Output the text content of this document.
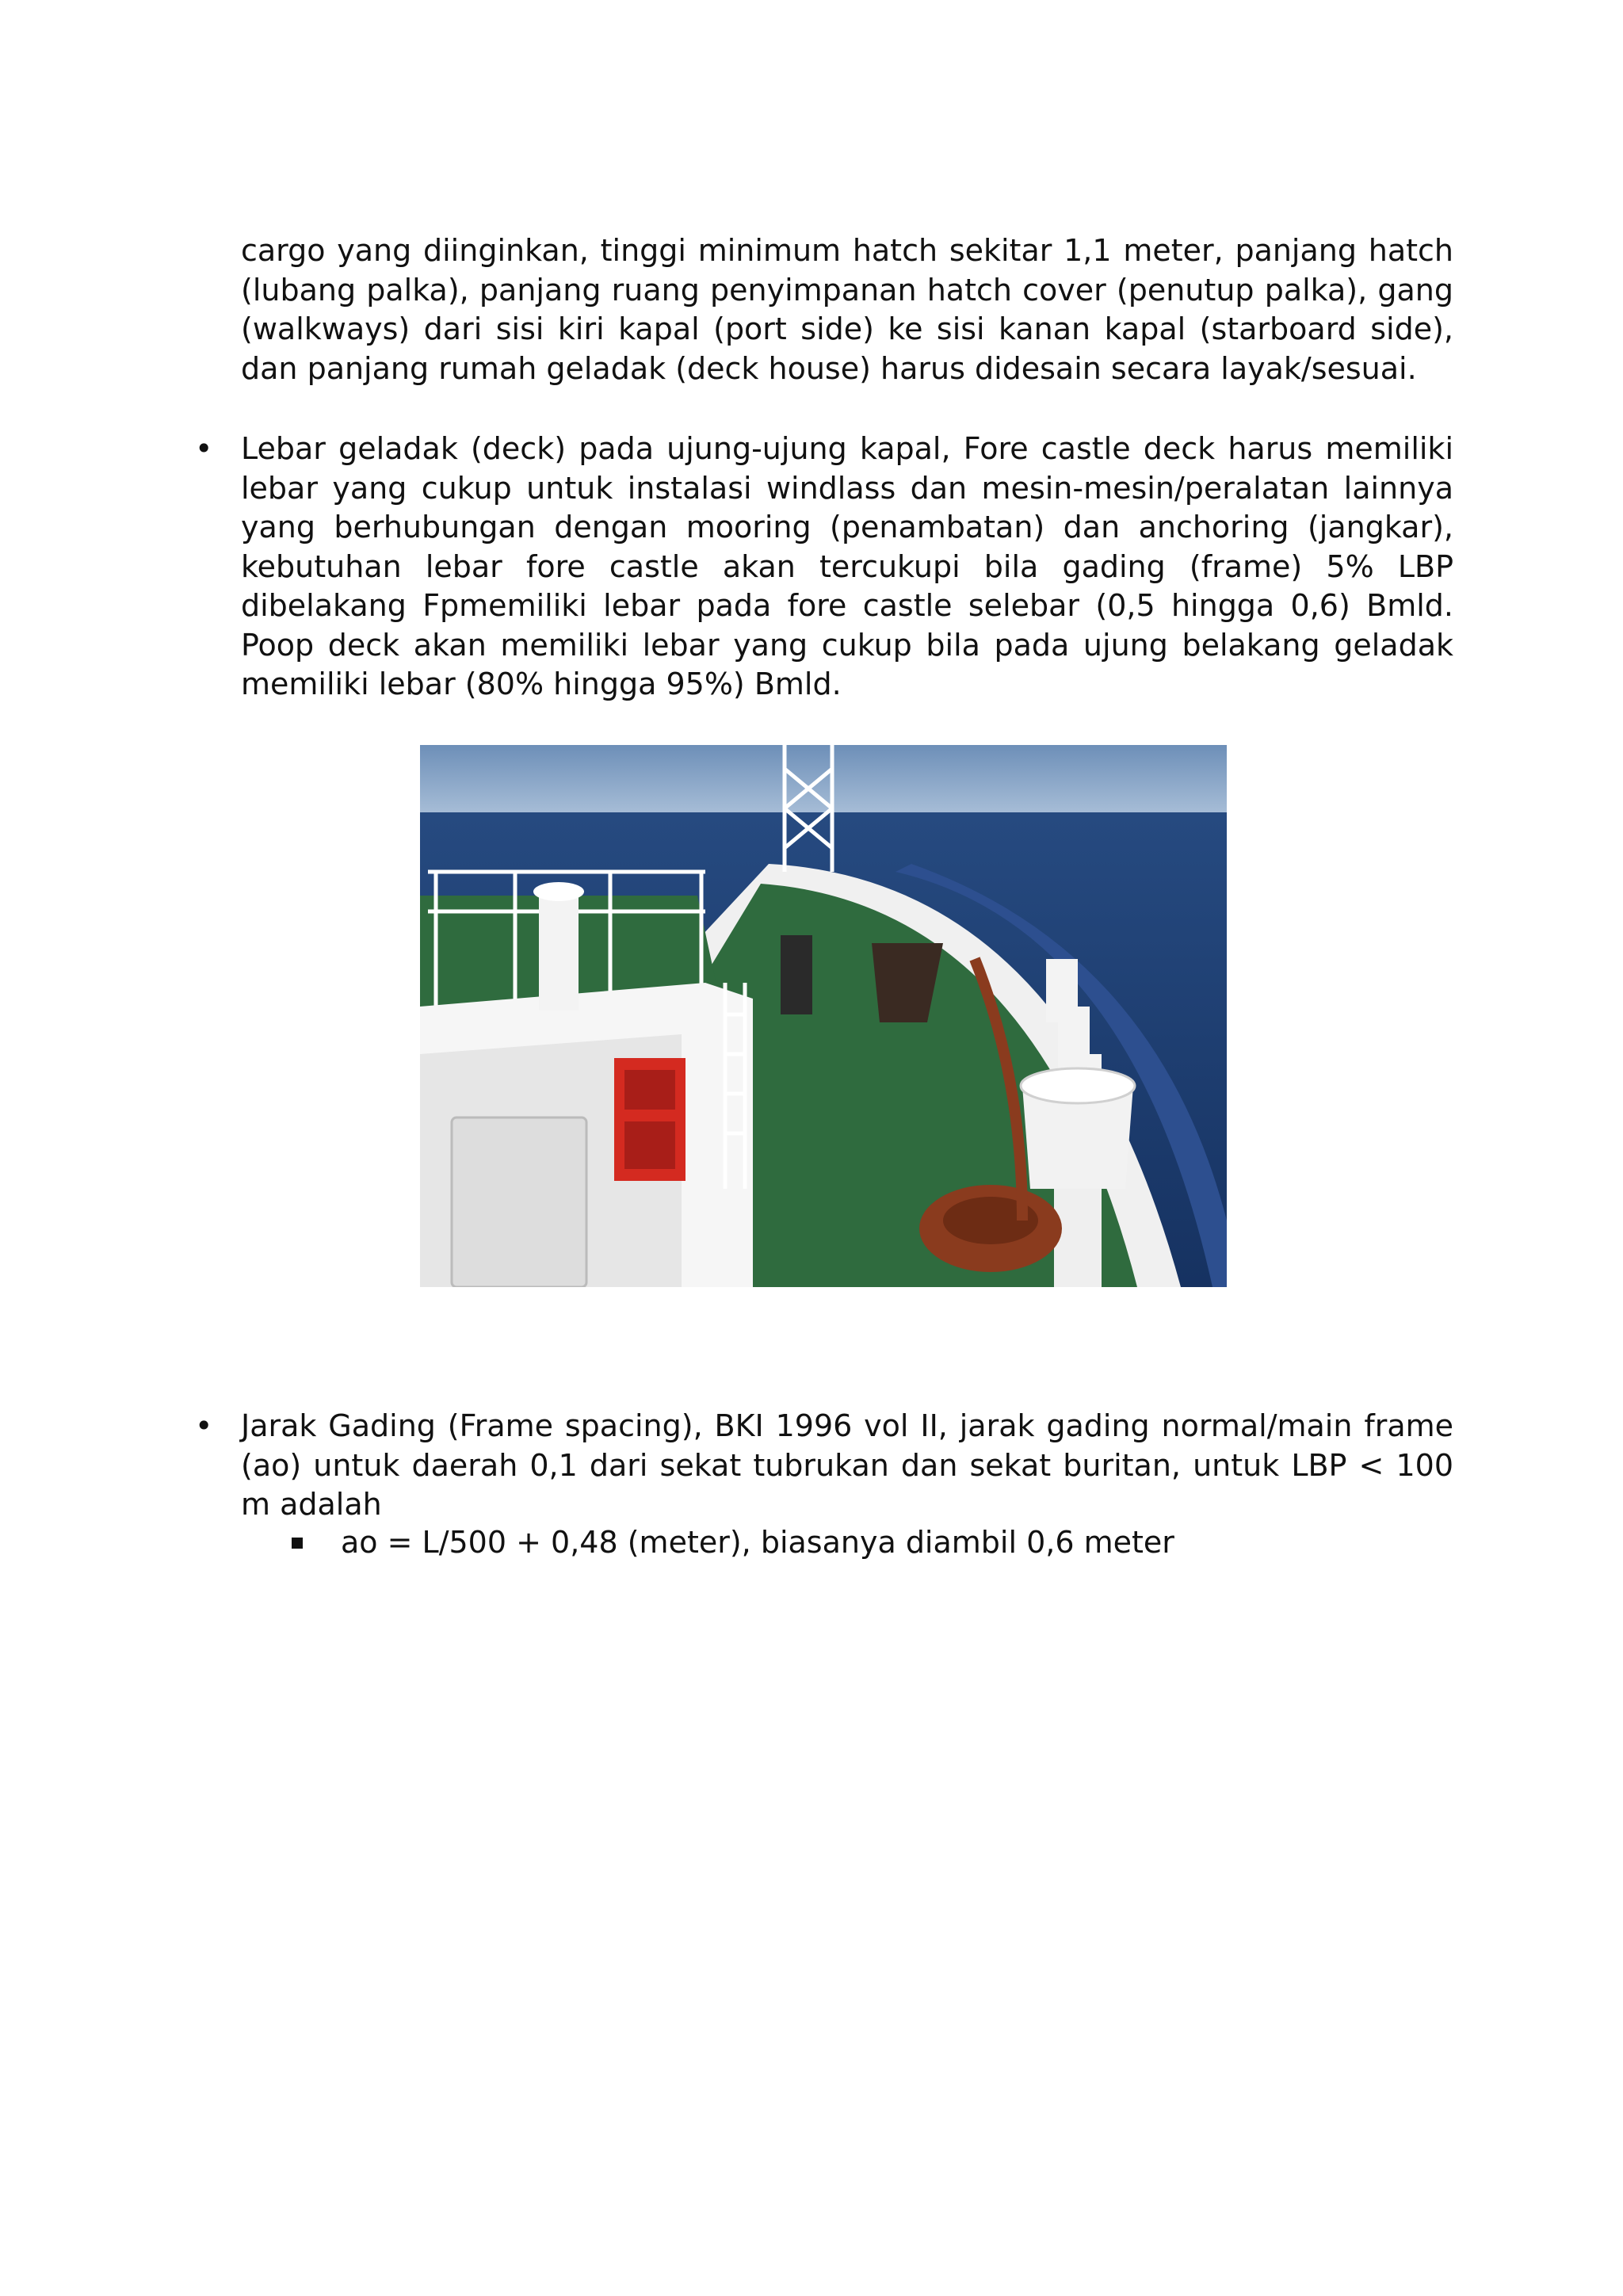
cargo yang diinginkan, tinggi minimum hatch sekitar 1,1 meter, panjang hatch (lubang palka), panjang ruang penyimpanan hatch cover (penutup palka), gang (walkways) dari sisi kiri kapal (port side) ke sisi kanan kapal (starboard side), dan panjang rumah geladak (deck house) harus didesain secara layak/sesuai.

• Lebar geladak (deck) pada ujung-ujung kapal, Fore castle deck harus memiliki lebar yang cukup untuk instalasi windlass dan mesin-mesin/peralatan lainnya yang berhubungan dengan mooring (penambatan) dan anchoring (jangkar), kebutuhan lebar fore castle akan tercukupi bila gading (frame) 5% LBP dibelakang Fpmemiliki lebar pada fore castle selebar (0,5 hingga 0,6) Bmld. Poop deck akan memiliki lebar yang cukup bila pada ujung belakang geladak memiliki lebar (80% hingga 95%) Bmld.

• Jarak Gading (Frame spacing), BKI 1996 vol II, jarak gading normal/main frame (ao) untuk daerah 0,1 dari sekat tubrukan dan sekat buritan, untuk LBP < 100 m adalah

ao = L/500 + 0,48 (meter), biasanya diambil 0,6 meter
